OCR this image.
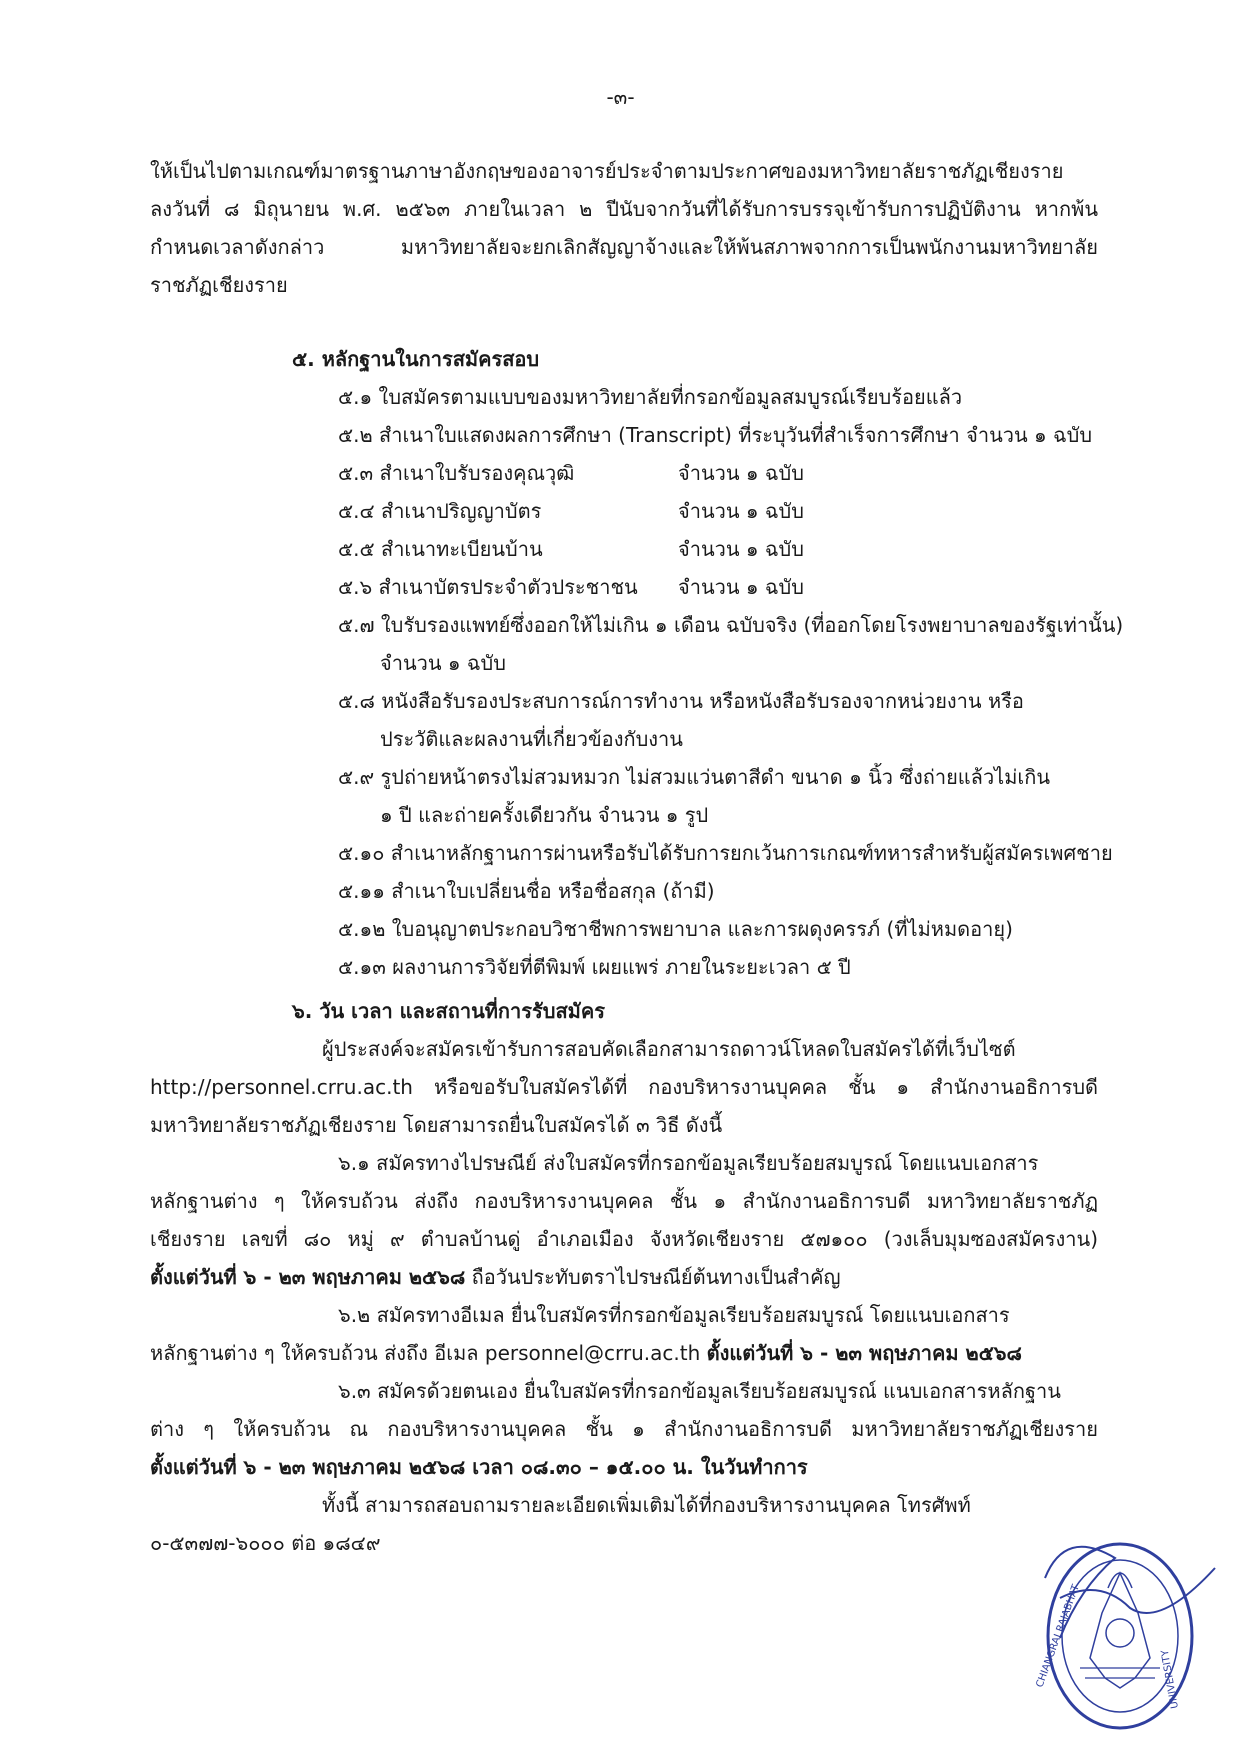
-๓-
ให้เป็นไปตามเกณฑ์มาตรฐานภาษาอังกฤษของอาจารย์ประจำตามประกาศของมหาวิทยาลัยราชภัฏเชียงราย
ลงวันที่ ๘ มิถุนายน พ.ศ. ๒๕๖๓ ภายในเวลา ๒ ปีนับจากวันที่ได้รับการบรรจุเข้ารับการปฏิบัติงาน หากพ้น
กำหนดเวลาดังกล่าว มหาวิทยาลัยจะยกเลิกสัญญาจ้างและให้พ้นสภาพจากการเป็นพนักงานมหาวิทยาลัย
ราชภัฏเชียงราย
๕. หลักฐานในการสมัครสอบ
๕.๑ ใบสมัครตามแบบของมหาวิทยาลัยที่กรอกข้อมูลสมบูรณ์เรียบร้อยแล้ว
๕.๒ สำเนาใบแสดงผลการศึกษา (Transcript) ที่ระบุวันที่สำเร็จการศึกษา จำนวน ๑ ฉบับ
๕.๓ สำเนาใบรับรองคุณวุฒิ	จำนวน ๑ ฉบับ
๕.๔ สำเนาปริญญาบัตร	จำนวน ๑ ฉบับ
๕.๕ สำเนาทะเบียนบ้าน	จำนวน ๑ ฉบับ
๕.๖ สำเนาบัตรประจำตัวประชาชน จำนวน ๑ ฉบับ
๕.๗ ใบรับรองแพทย์ซึ่งออกให้ไม่เกิน ๑ เดือน ฉบับจริง (ที่ออกโดยโรงพยาบาลของรัฐเท่านั้น)
จำนวน ๑ ฉบับ
๕.๘ หนังสือรับรองประสบการณ์การทำงาน หรือหนังสือรับรองจากหน่วยงาน หรือ
ประวัติและผลงานที่เกี่ยวข้องกับงาน
๕.๙ รูปถ่ายหน้าตรงไม่สวมหมวก ไม่สวมแว่นตาสีดำ ขนาด ๑ นิ้ว ซึ่งถ่ายแล้วไม่เกิน
๑ ปี และถ่ายครั้งเดียวกัน จำนวน ๑ รูป
๕.๑๐ สำเนาหลักฐานการผ่านหรือรับได้รับการยกเว้นการเกณฑ์ทหารสำหรับผู้สมัครเพศชาย
๕.๑๑ สำเนาใบเปลี่ยนชื่อ หรือชื่อสกุล (ถ้ามี)
๕.๑๒ ใบอนุญาตประกอบวิชาชีพการพยาบาล และการผดุงครรภ์ (ที่ไม่หมดอายุ)
๕.๑๓ ผลงานการวิจัยที่ตีพิมพ์ เผยแพร่ ภายในระยะเวลา ๕ ปี
๖. วัน เวลา และสถานที่การรับสมัคร
ผู้ประสงค์จะสมัครเข้ารับการสอบคัดเลือกสามารถดาวน์โหลดใบสมัครได้ที่เว็บไซต์
http://personnel.crru.ac.th หรือขอรับใบสมัครได้ที่ กองบริหารงานบุคคล ชั้น ๑ สำนักงานอธิการบดี
มหาวิทยาลัยราชภัฏเชียงราย โดยสามารถยื่นใบสมัครได้ ๓ วิธี ดังนี้
๖.๑ สมัครทางไปรษณีย์ ส่งใบสมัครที่กรอกข้อมูลเรียบร้อยสมบูรณ์ โดยแนบเอกสาร
หลักฐานต่าง ๆ ให้ครบถ้วน ส่งถึง กองบริหารงานบุคคล ชั้น ๑ สำนักงานอธิการบดี มหาวิทยาลัยราชภัฏ
เชียงราย เลขที่ ๘๐ หมู่ ๙ ตำบลบ้านดู่ อำเภอเมือง จังหวัดเชียงราย ๕๗๑๐๐ (วงเล็บมุมซองสมัครงาน)
ตั้งแต่วันที่ ๖ - ๒๓ พฤษภาคม ๒๕๖๘ ถือวันประทับตราไปรษณีย์ต้นทางเป็นสำคัญ
๖.๒ สมัครทางอีเมล ยื่นใบสมัครที่กรอกข้อมูลเรียบร้อยสมบูรณ์ โดยแนบเอกสาร
หลักฐานต่าง ๆ ให้ครบถ้วน ส่งถึง อีเมล personnel@crru.ac.th ตั้งแต่วันที่ ๖ - ๒๓ พฤษภาคม ๒๕๖๘
๖.๓ สมัครด้วยตนเอง ยื่นใบสมัครที่กรอกข้อมูลเรียบร้อยสมบูรณ์ แนบเอกสารหลักฐาน
ต่าง ๆ ให้ครบถ้วน ณ กองบริหารงานบุคคล ชั้น ๑ สำนักงานอธิการบดี มหาวิทยาลัยราชภัฏเชียงราย
ตั้งแต่วันที่ ๖ - ๒๓ พฤษภาคม ๒๕๖๘ เวลา ๐๘.๓๐ – ๑๕.๐๐ น. ในวันทำการ
ทั้งนี้ สามารถสอบถามรายละเอียดเพิ่มเติมได้ที่กองบริหารงานบุคคล โทรศัพท์
๐-๕๓๗๗-๖๐๐๐ ต่อ ๑๘๔๙
CHIANGRAI RAJABHAT	UNIVERSITY
